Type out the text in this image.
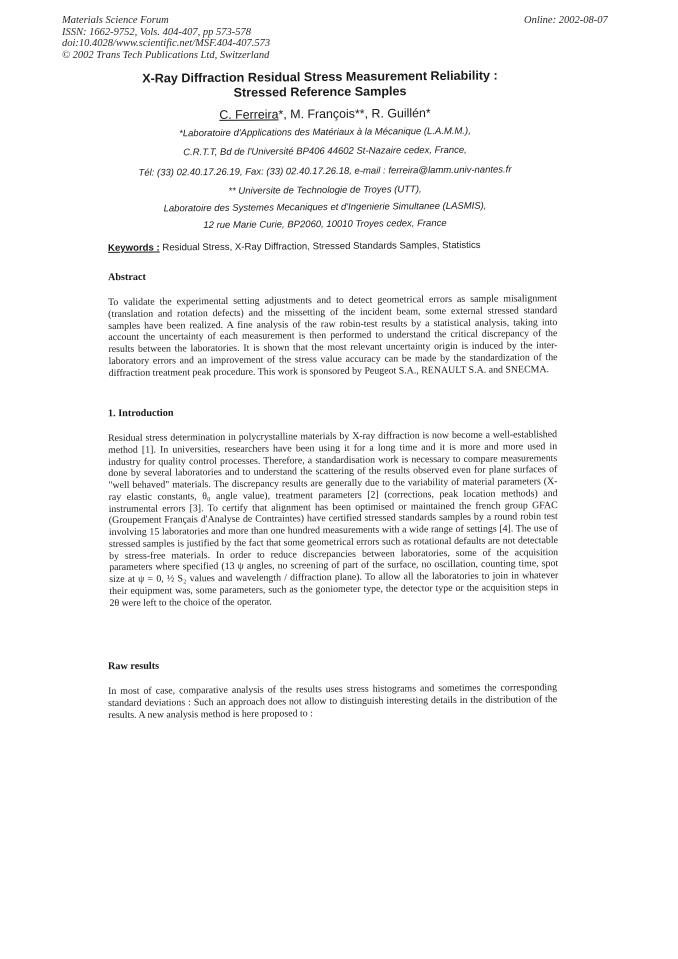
Materials Science Forum
ISSN: 1662-9752, Vols. 404-407, pp 573-578
doi:10.4028/www.scientific.net/MSF.404-407.573
© 2002 Trans Tech Publications Ltd, Switzerland
Online: 2002-08-07
X-Ray Diffraction Residual Stress Measurement Reliability :
Stressed Reference Samples
C. Ferreira*, M. François**, R. Guillén*
*Laboratoire d'Applications des Matériaux à la Mécanique (L.A.M.M.),
C.R.T.T, Bd de l'Université BP406 44602 St-Nazaire cedex, France,
Tél: (33) 02.40.17.26.19, Fax: (33) 02.40.17.26.18, e-mail : ferreira@lamm.univ-nantes.fr
** Universite de Technologie de Troyes (UTT),
Laboratoire des Systemes Mecaniques et d'Ingenierie Simultanee (LASMIS),
12 rue Marie Curie, BP2060, 10010 Troyes cedex, France
Keywords : Residual Stress, X-Ray Diffraction, Stressed Standards Samples, Statistics
Abstract
To validate the experimental setting adjustments and to detect geometrical errors as sample misalignment (translation and rotation defects) and the missetting of the incident beam, some external stressed standard samples have been realized. A fine analysis of the raw robin-test results by a statistical analysis, taking into account the uncertainty of each measurement is then performed to understand the critical discrepancy of the results between the laboratories. It is shown that the most relevant uncertainty origin is induced by the inter-laboratory errors and an improvement of the stress value accuracy can be made by the standardization of the diffraction treatment peak procedure. This work is sponsored by Peugeot S.A., RENAULT S.A. and SNECMA.
1. Introduction
Residual stress determination in polycrystalline materials by X-ray diffraction is now become a well-established method [1]. In universities, researchers have been using it for a long time and it is more and more used in industry for quality control processes. Therefore, a standardisation work is necessary to compare measurements done by several laboratories and to understand the scattering of the results observed even for plane surfaces of "well behaved" materials. The discrepancy results are generally due to the variability of material parameters (X-ray elastic constants, θ₀ angle value), treatment parameters [2] (corrections, peak location methods) and instrumental errors [3]. To certify that alignment has been optimised or maintained the french group GFAC (Groupement Français d'Analyse de Contraintes) have certified stressed standards samples by a round robin test involving 15 laboratories and more than one hundred measurements with a wide range of settings [4]. The use of stressed samples is justified by the fact that some geometrical errors such as rotational defaults are not detectable by stress-free materials. In order to reduce discrepancies between laboratories, some of the acquisition parameters where specified (13 ψ angles, no screening of part of the surface, no oscillation, counting time, spot size at ψ = 0, ½ S₂ values and wavelength / diffraction plane). To allow all the laboratories to join in whatever their equipment was, some parameters, such as the goniometer type, the detector type or the acquisition steps in 2θ were left to the choice of the operator.
Raw results
In most of case, comparative analysis of the results uses stress histograms and sometimes the corresponding standard deviations : Such an approach does not allow to distinguish interesting details in the distribution of the results. A new analysis method is here proposed to :
